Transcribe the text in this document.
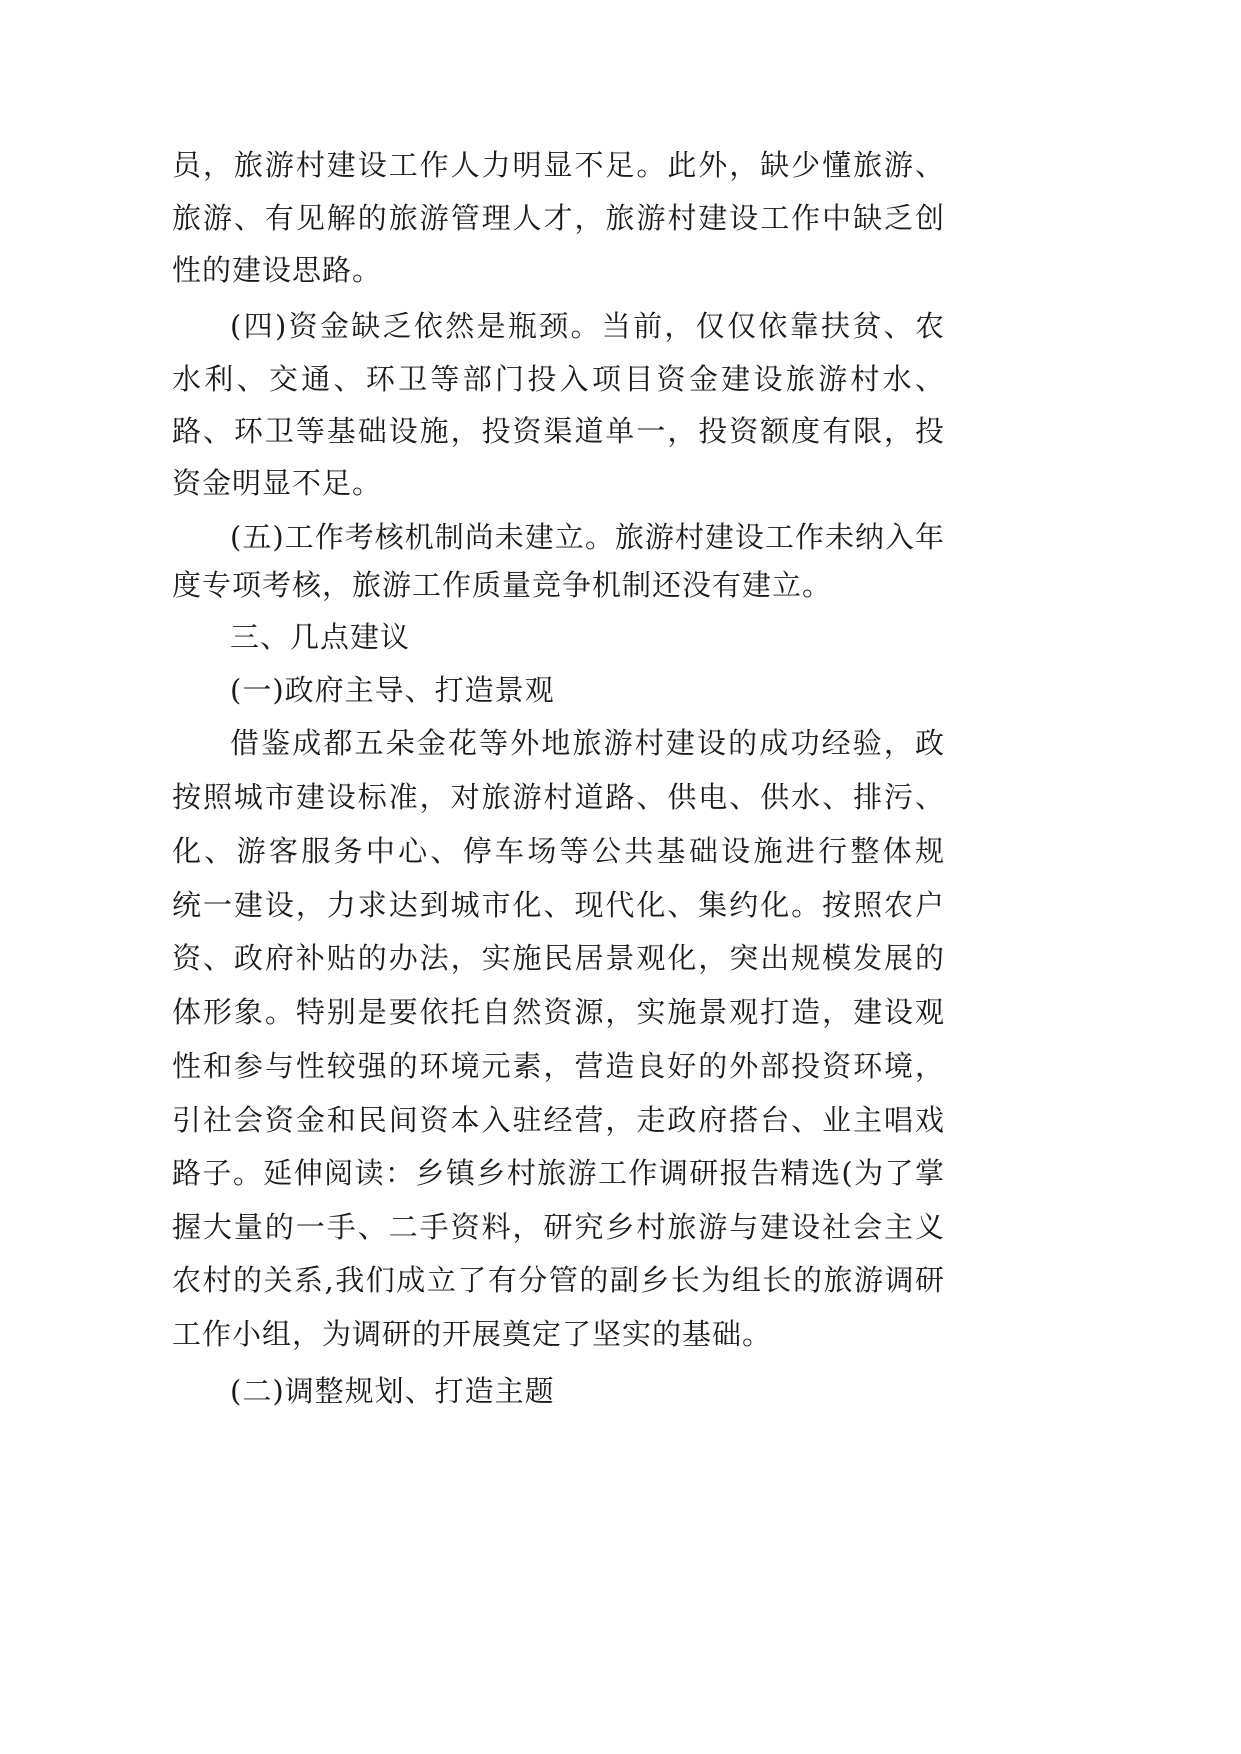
员，旅游村建设工作人力明显不足。此外，缺少懂旅游、
旅游、有见解的旅游管理人才，旅游村建设工作中缺乏创
性的建设思路。
(四)资金缺乏依然是瓶颈。当前，仅仅依靠扶贫、农
水利、交通、环卫等部门投入项目资金建设旅游村水、
路、环卫等基础设施，投资渠道单一，投资额度有限，投
资金明显不足。
(五)工作考核机制尚未建立。旅游村建设工作未纳入年
度专项考核，旅游工作质量竞争机制还没有建立。
三、几点建议
(一)政府主导、打造景观
借鉴成都五朵金花等外地旅游村建设的成功经验，政
按照城市建设标准，对旅游村道路、供电、供水、排污、
化、游客服务中心、停车场等公共基础设施进行整体规
统一建设，力求达到城市化、现代化、集约化。按照农户
资、政府补贴的办法，实施民居景观化，突出规模发展的
体形象。特别是要依托自然资源，实施景观打造，建设观
性和参与性较强的环境元素，营造良好的外部投资环境，
引社会资金和民间资本入驻经营，走政府搭台、业主唱戏
路子。延伸阅读：乡镇乡村旅游工作调研报告精选(为了掌
握大量的一手、二手资料，研究乡村旅游与建设社会主义
农村的关系,我们成立了有分管的副乡长为组长的旅游调研
工作小组，为调研的开展奠定了坚实的基础。
(二)调整规划、打造主题
